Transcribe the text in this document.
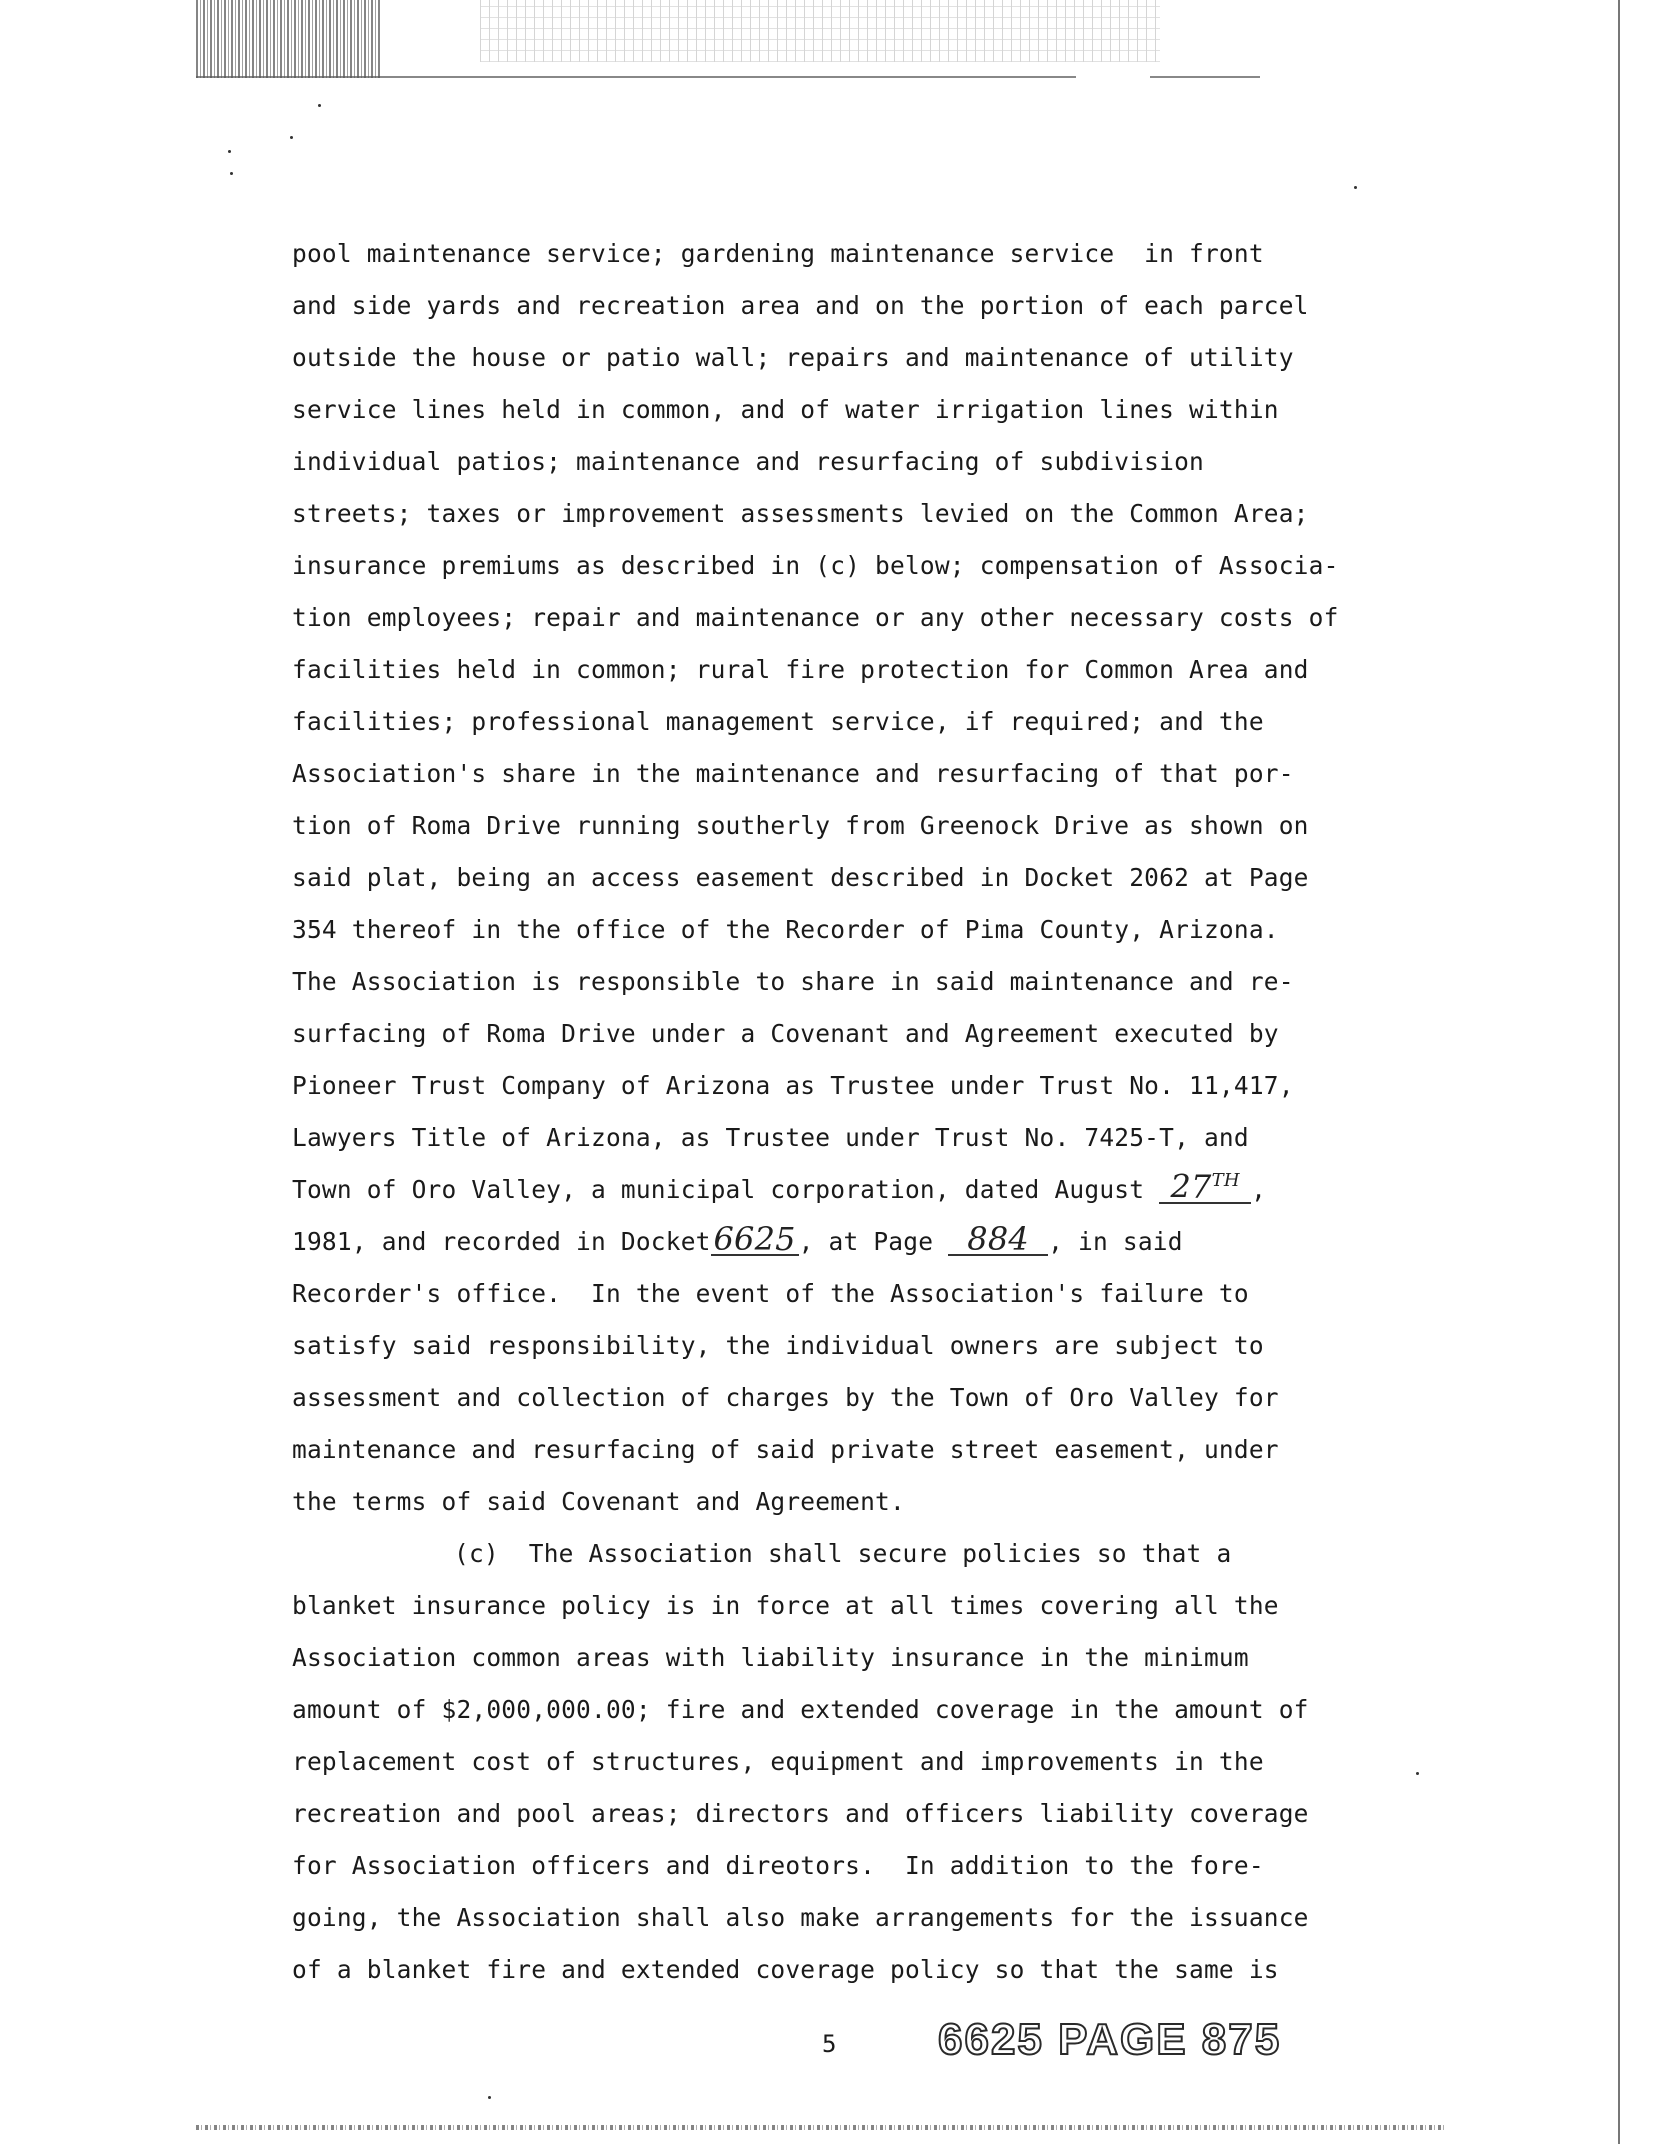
pool maintenance service; gardening maintenance service  in front
and side yards and recreation area and on the portion of each parcel
outside the house or patio wall; repairs and maintenance of utility
service lines held in common, and of water irrigation lines within
individual patios; maintenance and resurfacing of subdivision
streets; taxes or improvement assessments levied on the Common Area;
insurance premiums as described in (c) below; compensation of Associa-
tion employees; repair and maintenance or any other necessary costs of
facilities held in common; rural fire protection for Common Area and
facilities; professional management service, if required; and the
Association's share in the maintenance and resurfacing of that por-
tion of Roma Drive running southerly from Greenock Drive as shown on
said plat, being an access easement described in Docket 2062 at Page
354 thereof in the office of the Recorder of Pima County, Arizona.
The Association is responsible to share in said maintenance and re-
surfacing of Roma Drive under a Covenant and Agreement executed by
Pioneer Trust Company of Arizona as Trustee under Trust No. 11,417,
Lawyers Title of Arizona, as Trustee under Trust No. 7425-T, and
Town of Oro Valley, a municipal corporation, dated August 27TH ,
1981, and recorded in Docket6625 , at Page 884 , in said
Recorder's office.  In the event of the Association's failure to
satisfy said responsibility, the individual owners are subject to
assessment and collection of charges by the Town of Oro Valley for
maintenance and resurfacing of said private street easement, under
the terms of said Covenant and Agreement.
(c)  The Association shall secure policies so that a
blanket insurance policy is in force at all times covering all the
Association common areas with liability insurance in the minimum
amount of $2,000,000.00; fire and extended coverage in the amount of
replacement cost of structures, equipment and improvements in the
recreation and pool areas; directors and officers liability coverage
for Association officers and direotors.  In addition to the fore-
going, the Association shall also make arrangements for the issuance
of a blanket fire and extended coverage policy so that the same is
5 6625 PAGE 875
